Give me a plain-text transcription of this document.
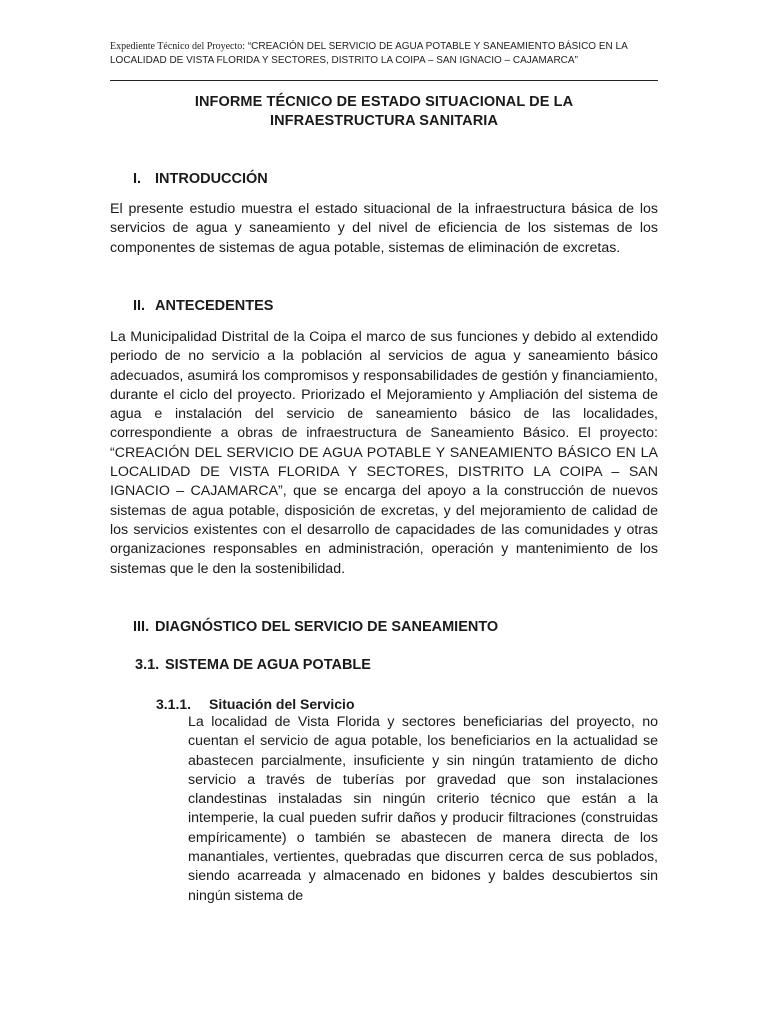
Expediente Técnico del Proyecto: “CREACIÓN DEL SERVICIO DE AGUA POTABLE Y SANEAMIENTO BÁSICO EN LA
LOCALIDAD DE VISTA FLORIDA Y SECTORES, DISTRITO LA COIPA – SAN IGNACIO – CAJAMARCA”
INFORME TÉCNICO DE ESTADO SITUACIONAL DE LA
INFRAESTRUCTURA SANITARIA
I. INTRODUCCIÓN
El presente estudio muestra el estado situacional de la infraestructura básica de los servicios de agua y saneamiento y del nivel de eficiencia de los sistemas de los componentes de sistemas de agua potable, sistemas de eliminación de excretas.
II. ANTECEDENTES
La Municipalidad Distrital de la Coipa el marco de sus funciones y debido al extendido periodo de no servicio a la población al servicios de agua y saneamiento básico adecuados, asumirá los compromisos y responsabilidades de gestión y financiamiento, durante el ciclo del proyecto. Priorizado el Mejoramiento y Ampliación del sistema de agua e instalación del servicio de saneamiento básico de las localidades, correspondiente a obras de infraestructura de Saneamiento Básico. El proyecto: “CREACIÓN DEL SERVICIO DE AGUA POTABLE Y SANEAMIENTO BÁSICO EN LA LOCALIDAD DE VISTA FLORIDA Y SECTORES, DISTRITO LA COIPA – SAN IGNACIO – CAJAMARCA”, que se encarga del apoyo a la construcción de nuevos sistemas de agua potable, disposición de excretas, y del mejoramiento de calidad de los servicios existentes con el desarrollo de capacidades de las comunidades y otras organizaciones responsables en administración, operación y mantenimiento de los sistemas que le den la sostenibilidad.
III. DIAGNÓSTICO DEL SERVICIO DE SANEAMIENTO
3.1. SISTEMA DE AGUA POTABLE
3.1.1. Situación del Servicio
La localidad de Vista Florida y sectores beneficiarias del proyecto, no cuentan el servicio de agua potable, los beneficiarios en la actualidad se abastecen parcialmente, insuficiente y sin ningún tratamiento de dicho servicio a través de tuberías por gravedad que son instalaciones clandestinas instaladas sin ningún criterio técnico que están a la intemperie, la cual pueden sufrir daños y producir filtraciones (construidas empíricamente) o también se abastecen de manera directa de los manantiales, vertientes, quebradas que discurren cerca de sus poblados, siendo acarreada y almacenado en bidones y baldes descubiertos sin ningún sistema de
